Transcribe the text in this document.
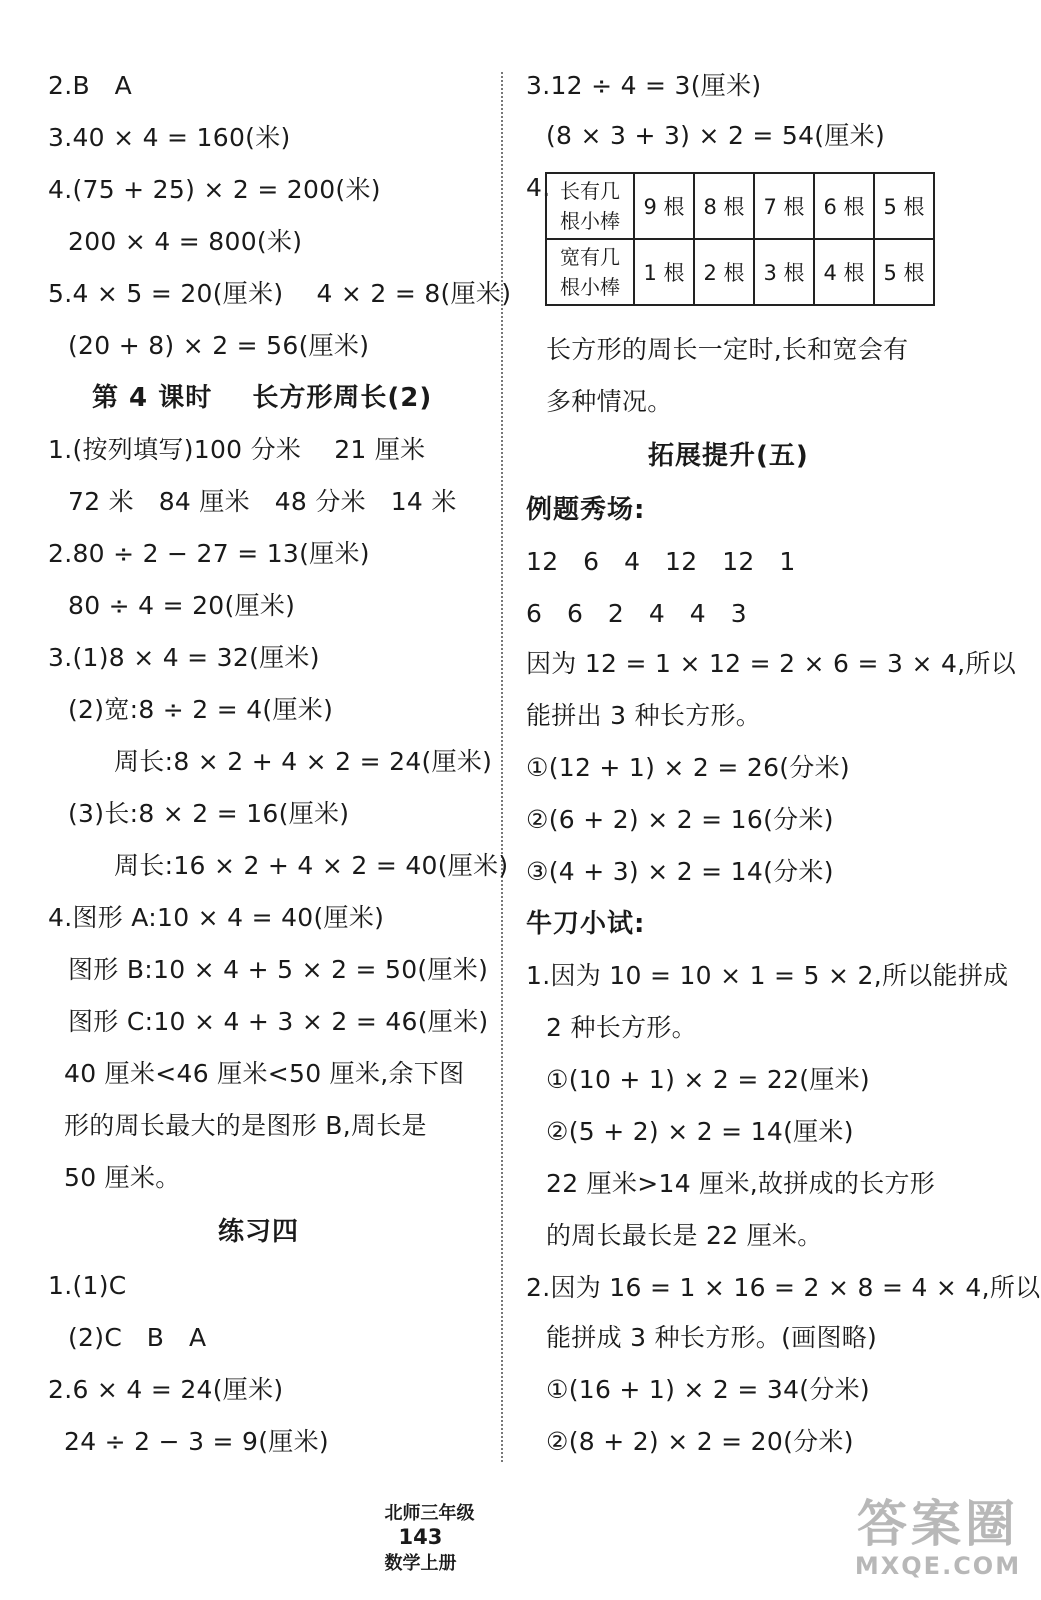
2.B   A
3.40 × 4 = 160(米)
4.(75 + 25) × 2 = 200(米)
200 × 4 = 800(米)
5.4 × 5 = 20(厘米)    4 × 2 = 8(厘米)
(20 + 8) × 2 = 56(厘米)
第 4 课时    长方形周长(2)
1.(按列填写)100 分米    21 厘米
72 米   84 厘米   48 分米   14 米
2.80 ÷ 2 − 27 = 13(厘米)
80 ÷ 4 = 20(厘米)
3.(1)8 × 4 = 32(厘米)
(2)宽:8 ÷ 2 = 4(厘米)
周长:8 × 2 + 4 × 2 = 24(厘米)
(3)长:8 × 2 = 16(厘米)
周长:16 × 2 + 4 × 2 = 40(厘米)
4.图形 A:10 × 4 = 40(厘米)
图形 B:10 × 4 + 5 × 2 = 50(厘米)
图形 C:10 × 4 + 3 × 2 = 46(厘米)
40 厘米<46 厘米<50 厘米,余下图
形的周长最大的是图形 B,周长是
50 厘米。
练习四
1.(1)C
(2)C   B   A
2.6 × 4 = 24(厘米)
24 ÷ 2 − 3 = 9(厘米)
3.12 ÷ 4 = 3(厘米)
(8 × 3 + 3) × 2 = 54(厘米)
4. 长有几
根小棒	9 根	8 根	7 根	6 根	5 根

宽有几
根小棒	1 根	2 根	3 根	4 根	5 根
长方形的周长一定时,长和宽会有
多种情况。
拓展提升(五)
例题秀场:
12   6   4   12   12   1
6   6   2   4   4   3
因为 12 = 1 × 12 = 2 × 6 = 3 × 4,所以
能拼出 3 种长方形。
①(12 + 1) × 2 = 26(分米)
②(6 + 2) × 2 = 16(分米)
③(4 + 3) × 2 = 14(分米)
牛刀小试:
1.因为 10 = 10 × 1 = 5 × 2,所以能拼成
2 种长方形。
①(10 + 1) × 2 = 22(厘米)
②(5 + 2) × 2 = 14(厘米)
22 厘米>14 厘米,故拼成的长方形
的周长最长是 22 厘米。
2.因为 16 = 1 × 16 = 2 × 8 = 4 × 4,所以
能拼成 3 种长方形。(画图略)
①(16 + 1) × 2 = 34(分米)
②(8 + 2) × 2 = 20(分米)

北师三年级
143
数学上册

答案圈
MXQE.COM
